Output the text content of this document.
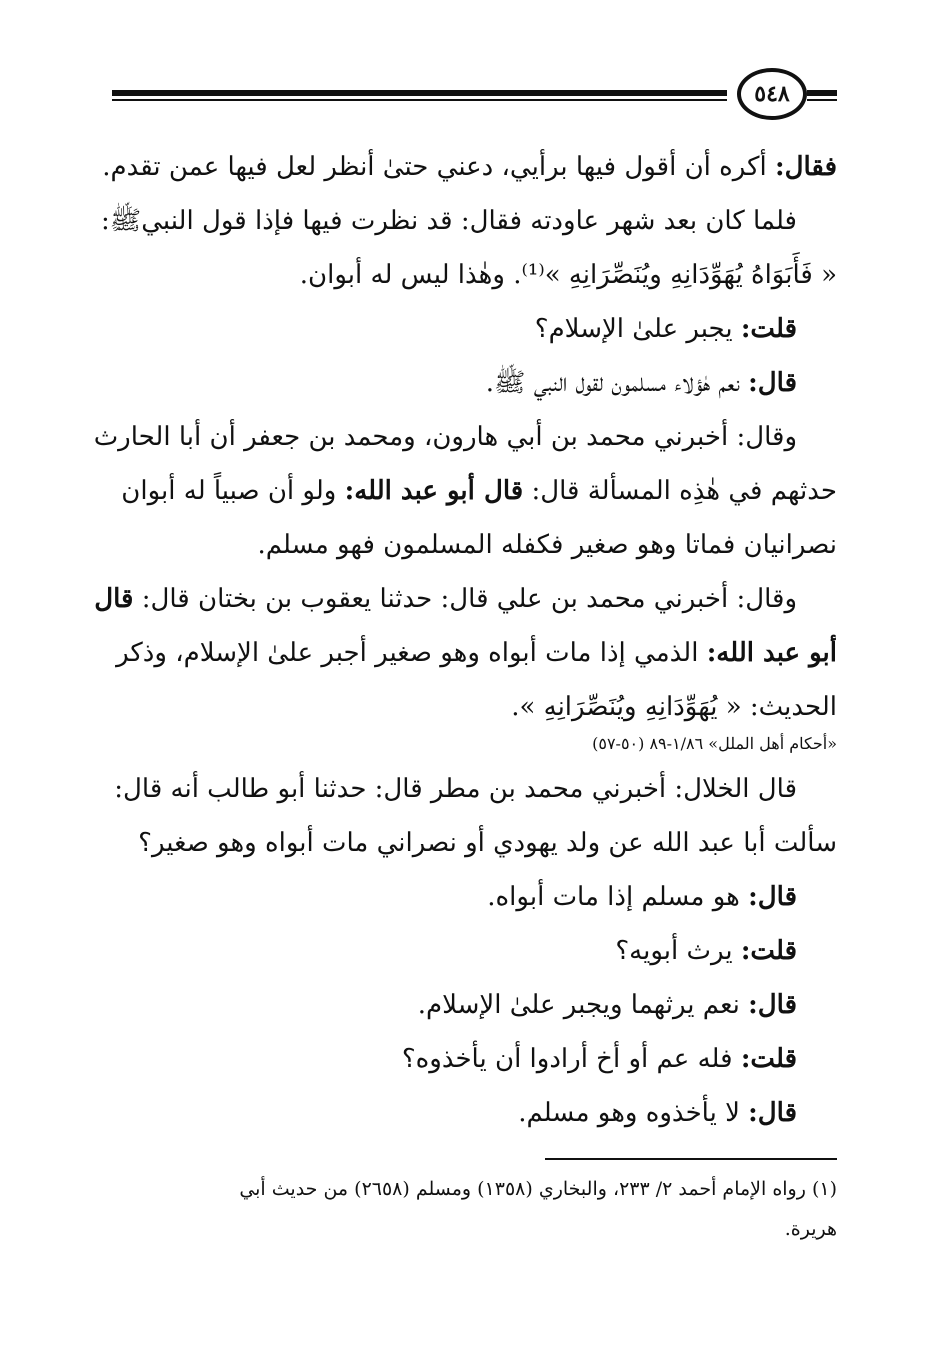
٥٤٨
فقال: أكره أن أقول فيها برأيي، دعني حتىٰ أنظر لعل فيها عمن تقدم.
فلما كان بعد شهر عاودته فقال: قد نظرت فيها فإذا قول النبيﷺ:
« فَأَبَوَاهُ يُهَوِّدَانِهِ ويُنَصِّرَانِهِ »⁽¹⁾. وهٰذا ليس له أبوان.
قلت: يجبر علىٰ الإسلام؟
قال: نعم هٰؤلاء مسلمون لقول النبي ﷺ.
وقال: أخبرني محمد بن أبي هارون، ومحمد بن جعفر أن أبا الحارث
حدثهم في هٰذِه المسألة قال: قال أبو عبد الله: ولو أن صبياً له أبوان
نصرانيان فماتا وهو صغير فكفله المسلمون فهو مسلم.
وقال: أخبرني محمد بن علي قال: حدثنا يعقوب بن بختان قال: قال
أبو عبد الله: الذمي إذا مات أبواه وهو صغير أجبر علىٰ الإسلام، وذكر
الحديث: « يُهَوِّدَانِهِ ويُنَصِّرَانِهِ ».
«أحكام أهل الملل» ١/٨٦-٨٩ (٥٠-٥٧)
قال الخلال: أخبرني محمد بن مطر قال: حدثنا أبو طالب أنه قال:
سألت أبا عبد الله عن ولد يهودي أو نصراني مات أبواه وهو صغير؟
قال: هو مسلم إذا مات أبواه.
قلت: يرث أبويه؟
قال: نعم يرثهما ويجبر علىٰ الإسلام.
قلت: فله عم أو أخ أرادوا أن يأخذوه؟
قال: لا يأخذوه وهو مسلم.
(١) رواه الإمام أحمد ٢/ ٢٣٣، والبخاري (١٣٥٨) ومسلم (٢٦٥٨) من حديث أبي
هريرة.
